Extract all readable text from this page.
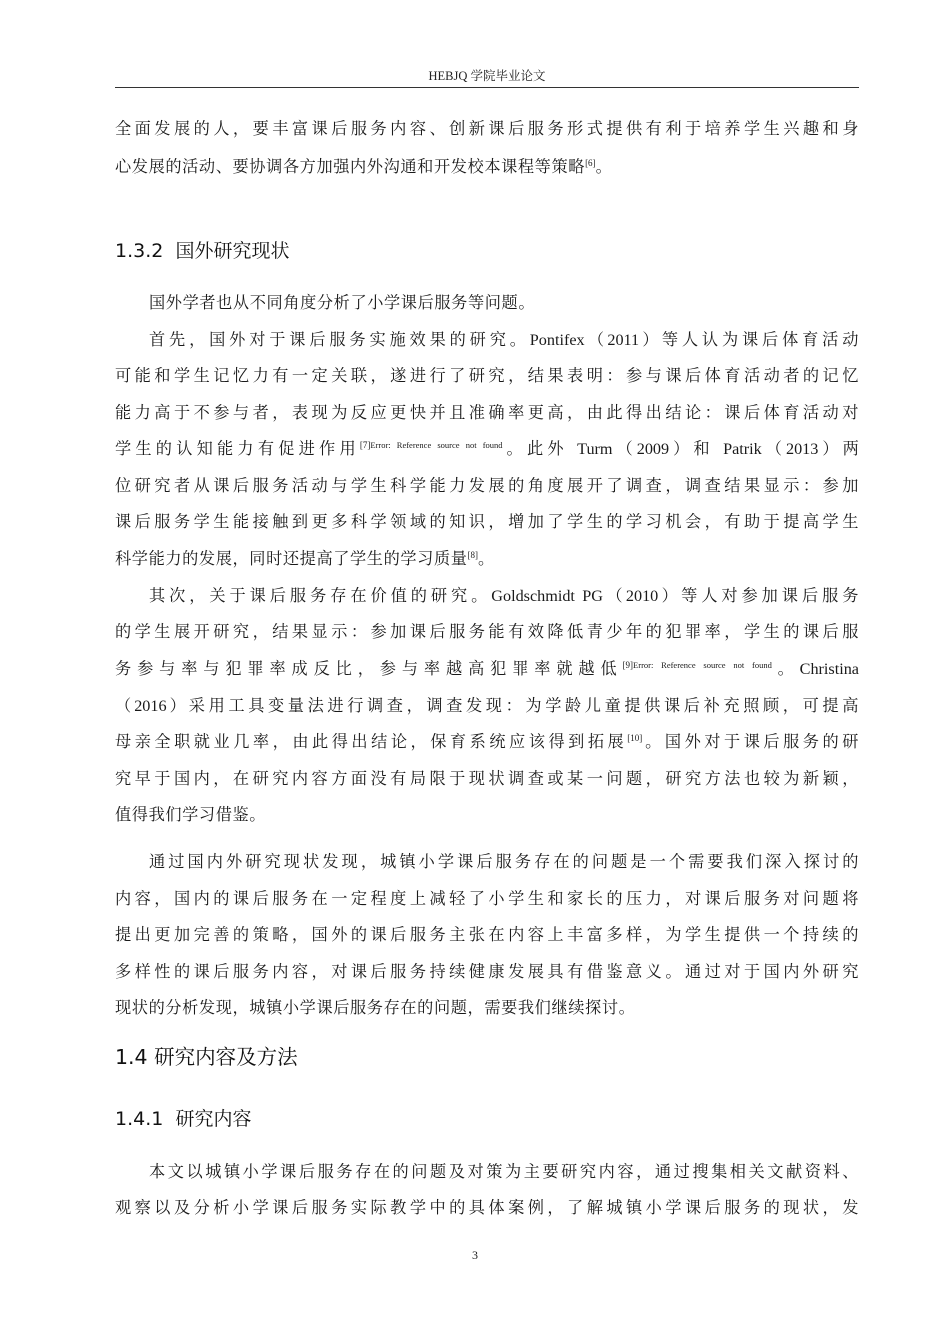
HEBJQ 学院毕业论文
全面发展的人，要丰富课后服务内容、创新课后服务形式提供有利于培养学生兴趣和身
心发展的活动、要协调各方加强内外沟通和开发校本课程等策略[6]。
1.3.2 国外研究现状
国外学者也从不同角度分析了小学课后服务等问题。
首先，国外对于课后服务实施效果的研究。Pontifex（2011）等人认为课后体育活动
可能和学生记忆力有一定关联，遂进行了研究，结果表明：参与课后体育活动者的记忆
能力高于不参与者，表现为反应更快并且准确率更高，由此得出结论：课后体育活动对
学生的认知能力有促进作用$^{[7]Error: Reference source not found}$。此外 Turm（2009）和 Patrik（2013）两
位研究者从课后服务活动与学生科学能力发展的角度展开了调查，调查结果显示：参加
课后服务学生能接触到更多科学领域的知识，增加了学生的学习机会，有助于提高学生
科学能力的发展，同时还提高了学生的学习质量[8]。
其次，关于课后服务存在价值的研究。Goldschmidt PG（2010）等人对参加课后服务
的学生展开研究，结果显示：参加课后服务能有效降低青少年的犯罪率，学生的课后服
务参与率与犯罪率成反比，参与率越高犯罪率就越低$^{[9]Error: Reference source not found}$。Christina
（2016）采用工具变量法进行调查，调查发现：为学龄儿童提供课后补充照顾，可提高
母亲全职就业几率，由此得出结论，保育系统应该得到拓展[10]。国外对于课后服务的研
究早于国内，在研究内容方面没有局限于现状调查或某一问题，研究方法也较为新颖，
值得我们学习借鉴。
通过国内外研究现状发现，城镇小学课后服务存在的问题是一个需要我们深入探讨的
内容，国内的课后服务在一定程度上减轻了小学生和家长的压力，对课后服务对问题将
提出更加完善的策略，国外的课后服务主张在内容上丰富多样，为学生提供一个持续的
多样性的课后服务内容，对课后服务持续健康发展具有借鉴意义。通过对于国内外研究
现状的分析发现，城镇小学课后服务存在的问题，需要我们继续探讨。
1.4 研究内容及方法
1.4.1 研究内容
本文以城镇小学课后服务存在的问题及对策为主要研究内容，通过搜集相关文献资料、
观察以及分析小学课后服务实际教学中的具体案例，了解城镇小学课后服务的现状，发
3
